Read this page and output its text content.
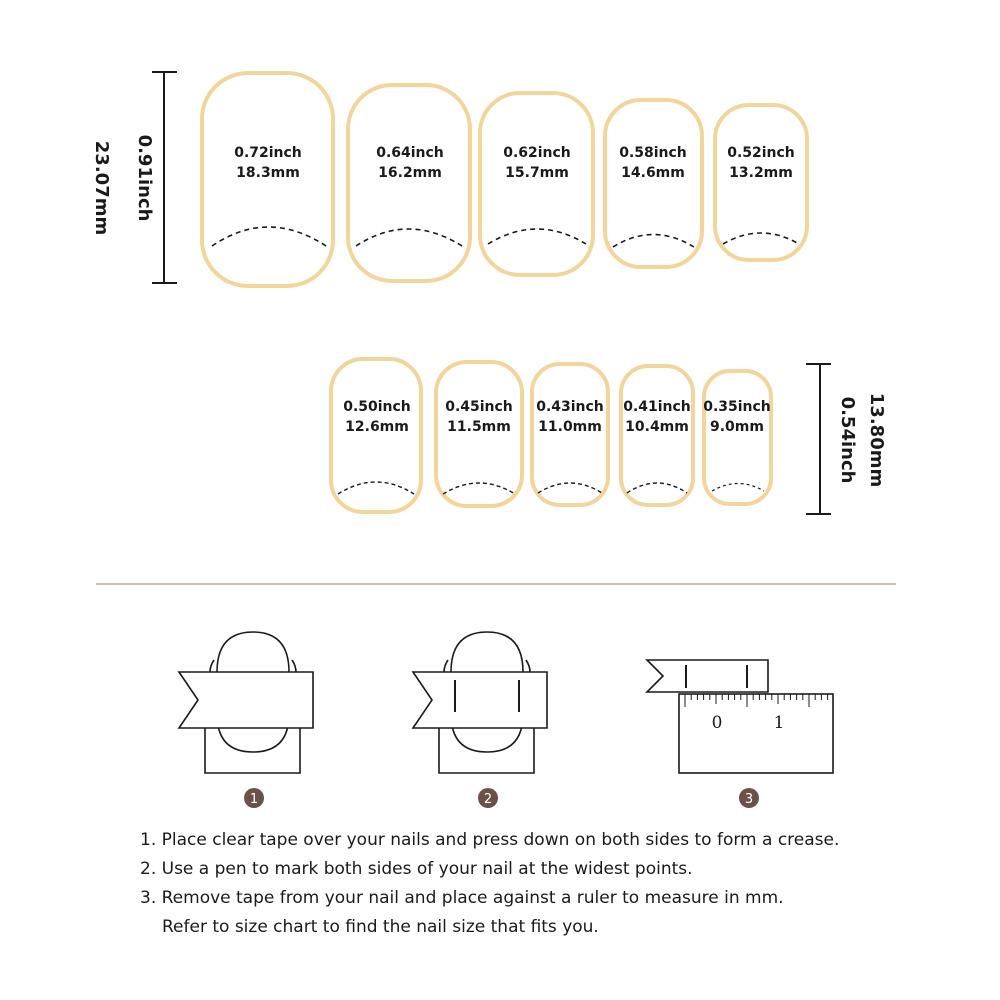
0.91inch
23.07mm	0.72inch
18.3mm
0.64inch
16.2mm
0.62inch
15.7mm
0.58inch
14.6mm
0.52inch
13.2mm
0.50inch
12.6mm
0.45inch
11.5mm
0.43inch
11.0mm
0.41inch
10.4mm
0.35inch
9.0mm	13.80mm
0.54inch
1	2
0	1
3
1. Place clear tape over your nails and press down on both sides to form a crease.
2. Use a pen to mark both sides of your nail at the widest points.
3. Remove tape from your nail and place against a ruler to measure in mm.
Refer to size chart to find the nail size that fits you.
